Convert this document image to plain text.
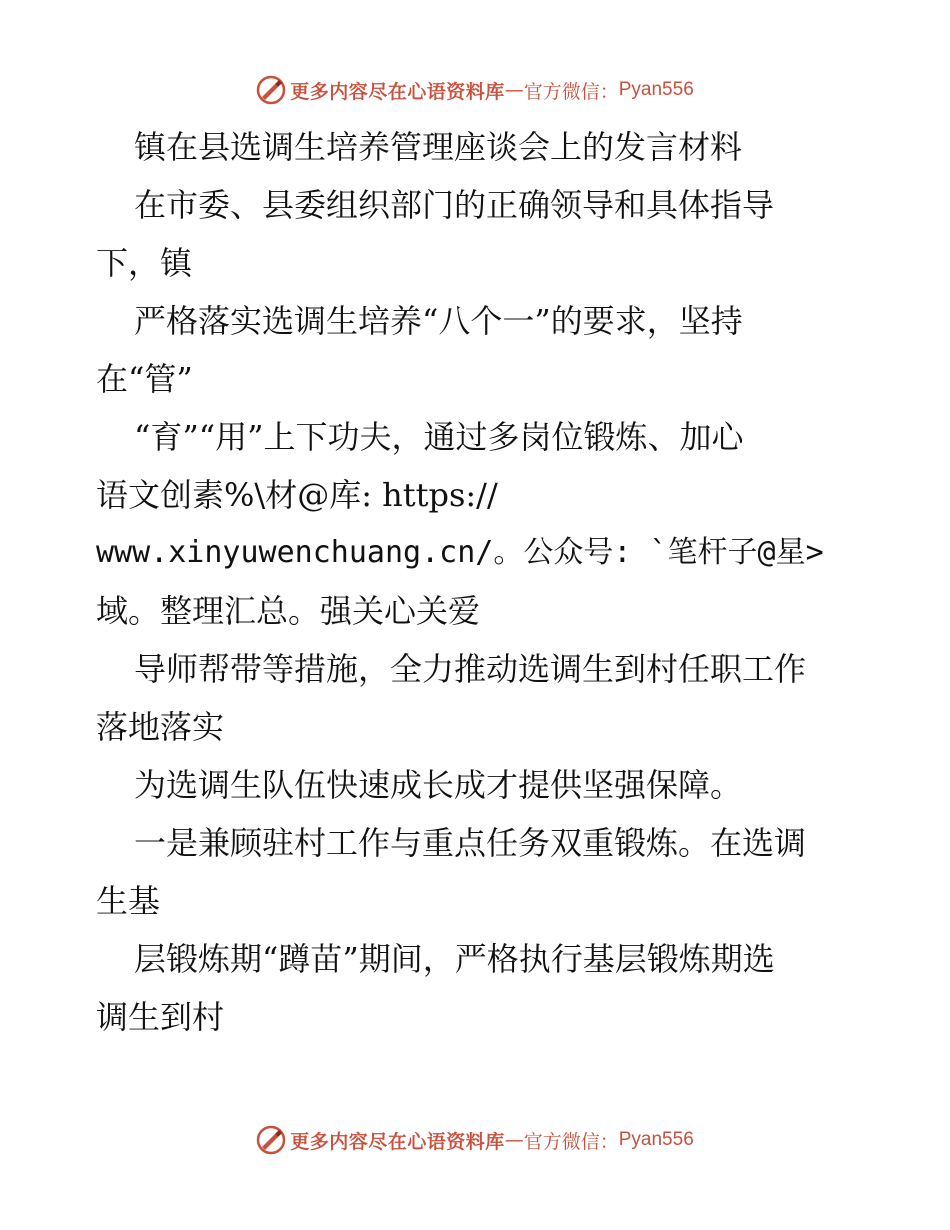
更多内容尽在心语资料库 — 官方微信： Pyan556
镇在县选调生培养管理座谈会上的发言材料
在市委、县委组织部门的正确领导和具体指导
下，镇
严格落实选调生培养“八个一”的要求，坚持
在“管”
“育”“用”上下功夫，通过多岗位锻炼、加心
语文创素%\材@库: https://
www.xinyuwenchuang.cn/。公众号: `笔杆子@星>
域。整理汇总。强关心关爱
导师帮带等措施，全力推动选调生到村任职工作
落地落实
为选调生队伍快速成长成才提供坚强保障。
一是兼顾驻村工作与重点任务双重锻炼。在选调
生基
层锻炼期“蹲苗”期间，严格执行基层锻炼期选
调生到村
更多内容尽在心语资料库 — 官方微信： Pyan556
